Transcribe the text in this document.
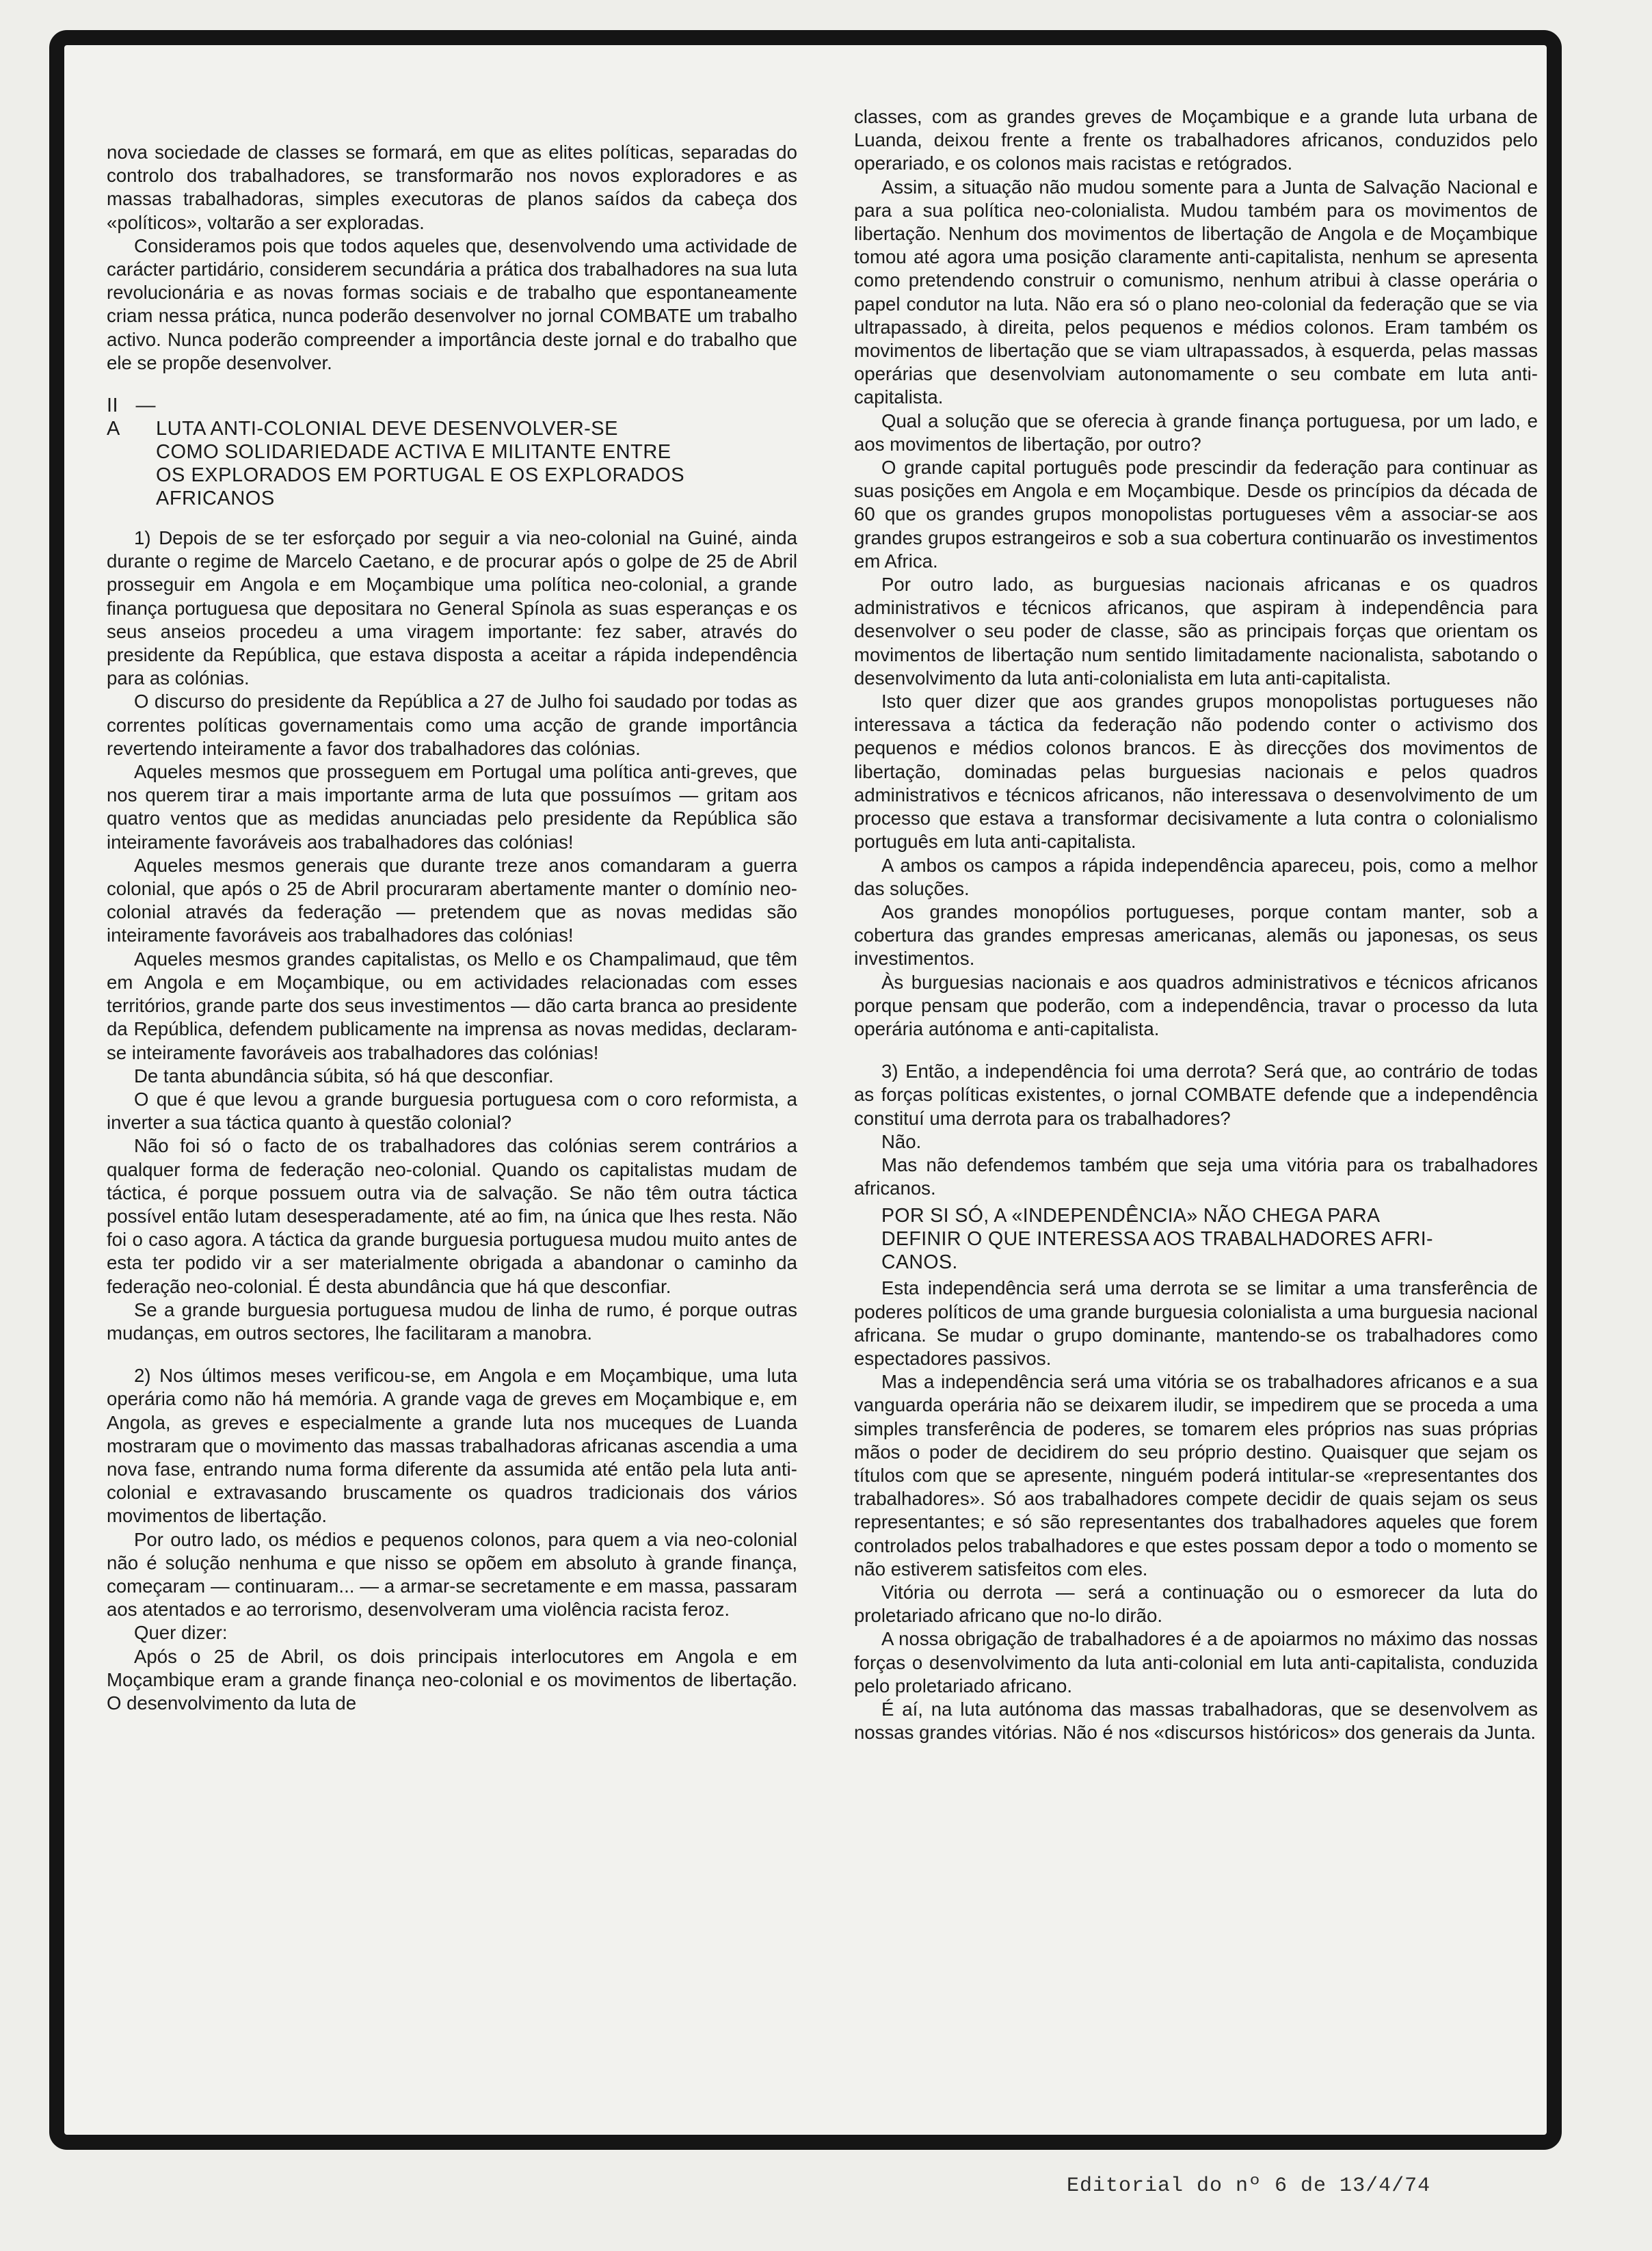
nova sociedade de classes se formará, em que as elites políticas, separadas do controlo dos trabalhadores, se transformarão nos novos exploradores e as massas trabalhadoras, simples executoras de planos saídos da cabeça dos «políticos», voltarão a ser exploradas.

Consideramos pois que todos aqueles que, desenvolvendo uma actividade de carácter partidário, considerem secundária a prática dos trabalhadores na sua luta revolucionária e as novas formas sociais e de trabalho que espontaneamente criam nessa prática, nunca poderão desenvolver no jornal COMBATE um trabalho activo. Nunca poderão compreender a importância deste jornal e do trabalho que ele se propõe desenvolver.

II — A LUTA ANTI-COLONIAL DEVE DESENVOLVER-SE
COMO SOLIDARIEDADE ACTIVA E MILITANTE ENTRE
OS EXPLORADOS EM PORTUGAL E OS EXPLORADOS
AFRICANOS

1) Depois de se ter esforçado por seguir a via neo-colonial na Guiné, ainda durante o regime de Marcelo Caetano, e de procurar após o golpe de 25 de Abril prosseguir em Angola e em Moçambique uma política neo-colonial, a grande finança portuguesa que depositara no General Spínola as suas esperanças e os seus anseios procedeu a uma viragem importante: fez saber, através do presidente da República, que estava disposta a aceitar a rápida independência para as colónias.

O discurso do presidente da República a 27 de Julho foi saudado por todas as correntes políticas governamentais como uma acção de grande importância revertendo inteiramente a favor dos trabalhadores das colónias.

Aqueles mesmos que prosseguem em Portugal uma política anti-greves, que nos querem tirar a mais importante arma de luta que possuímos — gritam aos quatro ventos que as medidas anunciadas pelo presidente da República são inteiramente favoráveis aos trabalhadores das colónias!

Aqueles mesmos generais que durante treze anos comandaram a guerra colonial, que após o 25 de Abril procuraram abertamente manter o domínio neo-colonial através da federação — pretendem que as novas medidas são inteiramente favoráveis aos trabalhadores das colónias!

Aqueles mesmos grandes capitalistas, os Mello e os Champalimaud, que têm em Angola e em Moçambique, ou em actividades relacionadas com esses territórios, grande parte dos seus investimentos — dão carta branca ao presidente da República, defendem publicamente na imprensa as novas medidas, declaram-se inteiramente favoráveis aos trabalhadores das colónias!

De tanta abundância súbita, só há que desconfiar.

O que é que levou a grande burguesia portuguesa com o coro reformista, a inverter a sua táctica quanto à questão colonial?

Não foi só o facto de os trabalhadores das colónias serem contrários a qualquer forma de federação neo-colonial. Quando os capitalistas mudam de táctica, é porque possuem outra via de salvação. Se não têm outra táctica possível então lutam desesperadamente, até ao fim, na única que lhes resta. Não foi o caso agora. A táctica da grande burguesia portuguesa mudou muito antes de esta ter podido vir a ser materialmente obrigada a abandonar o caminho da federação neo-colonial. É desta abundância que há que desconfiar.

Se a grande burguesia portuguesa mudou de linha de rumo, é porque outras mudanças, em outros sectores, lhe facilitaram a manobra.

2) Nos últimos meses verificou-se, em Angola e em Moçambique, uma luta operária como não há memória. A grande vaga de greves em Moçambique e, em Angola, as greves e especialmente a grande luta nos muceques de Luanda mostraram que o movimento das massas trabalhadoras africanas ascendia a uma nova fase, entrando numa forma diferente da assumida até então pela luta anti-colonial e extravasando bruscamente os quadros tradicionais dos vários movimentos de libertação.

Por outro lado, os médios e pequenos colonos, para quem a via neo-colonial não é solução nenhuma e que nisso se opõem em absoluto à grande finança, começaram — continuaram... — a armar-se secretamente e em massa, passaram aos atentados e ao terrorismo, desenvolveram uma violência racista feroz.

Quer dizer:

Após o 25 de Abril, os dois principais interlocutores em Angola e em Moçambique eram a grande finança neo-colonial e os movimentos de libertação. O desenvolvimento da luta de

classes, com as grandes greves de Moçambique e a grande luta urbana de Luanda, deixou frente a frente os trabalhadores africanos, conduzidos pelo operariado, e os colonos mais racistas e retógrados.

Assim, a situação não mudou somente para a Junta de Salvação Nacional e para a sua política neo-colonialista. Mudou também para os movimentos de libertação. Nenhum dos movimentos de libertação de Angola e de Moçambique tomou até agora uma posição claramente anti-capitalista, nenhum se apresenta como pretendendo construir o comunismo, nenhum atribui à classe operária o papel condutor na luta. Não era só o plano neo-colonial da federação que se via ultrapassado, à direita, pelos pequenos e médios colonos. Eram também os movimentos de libertação que se viam ultrapassados, à esquerda, pelas massas operárias que desenvolviam autonomamente o seu combate em luta anti-capitalista.

Qual a solução que se oferecia à grande finança portuguesa, por um lado, e aos movimentos de libertação, por outro?

O grande capital português pode prescindir da federação para continuar as suas posições em Angola e em Moçambique. Desde os princípios da década de 60 que os grandes grupos monopolistas portugueses vêm a associar-se aos grandes grupos estrangeiros e sob a sua cobertura continuarão os investimentos em Africa.

Por outro lado, as burguesias nacionais africanas e os quadros administrativos e técnicos africanos, que aspiram à independência para desenvolver o seu poder de classe, são as principais forças que orientam os movimentos de libertação num sentido limitadamente nacionalista, sabotando o desenvolvimento da luta anti-colonialista em luta anti-capitalista.

Isto quer dizer que aos grandes grupos monopolistas portugueses não interessava a táctica da federação não podendo conter o activismo dos pequenos e médios colonos brancos. E às direcções dos movimentos de libertação, dominadas pelas burguesias nacionais e pelos quadros administrativos e técnicos africanos, não interessava o desenvolvimento de um processo que estava a transformar decisivamente a luta contra o colonialismo português em luta anti-capitalista.

A ambos os campos a rápida independência apareceu, pois, como a melhor das soluções.

Aos grandes monopólios portugueses, porque contam manter, sob a cobertura das grandes empresas americanas, alemãs ou japonesas, os seus investimentos.

Às burguesias nacionais e aos quadros administrativos e técnicos africanos porque pensam que poderão, com a independência, travar o processo da luta operária autónoma e anti-capitalista.

3) Então, a independência foi uma derrota? Será que, ao contrário de todas as forças políticas existentes, o jornal COMBATE defende que a independência constituí uma derrota para os trabalhadores?

Não.

Mas não defendemos também que seja uma vitória para os trabalhadores africanos.

POR SI SÓ, A «INDEPENDÊNCIA» NÃO CHEGA PARA
DEFINIR O QUE INTERESSA AOS TRABALHADORES AFRI-
CANOS.

Esta independência será uma derrota se se limitar a uma transferência de poderes políticos de uma grande burguesia colonialista a uma burguesia nacional africana. Se mudar o grupo dominante, mantendo-se os trabalhadores como espectadores passivos.

Mas a independência será uma vitória se os trabalhadores africanos e a sua vanguarda operária não se deixarem iludir, se impedirem que se proceda a uma simples transferência de poderes, se tomarem eles próprios nas suas próprias mãos o poder de decidirem do seu próprio destino. Quaisquer que sejam os títulos com que se apresente, ninguém poderá intitular-se «representantes dos trabalhadores». Só aos trabalhadores compete decidir de quais sejam os seus representantes; e só são representantes dos trabalhadores aqueles que forem controlados pelos trabalhadores e que estes possam depor a todo o momento se não estiverem satisfeitos com eles.

Vitória ou derrota — será a continuação ou o esmorecer da luta do proletariado africano que no-lo dirão.

A nossa obrigação de trabalhadores é a de apoiarmos no máximo das nossas forças o desenvolvimento da luta anti-colonial em luta anti-capitalista, conduzida pelo proletariado africano.

É aí, na luta autónoma das massas trabalhadoras, que se desenvolvem as nossas grandes vitórias. Não é nos «discursos históricos» dos generais da Junta.

Editorial do nº 6 de 13/4/74
